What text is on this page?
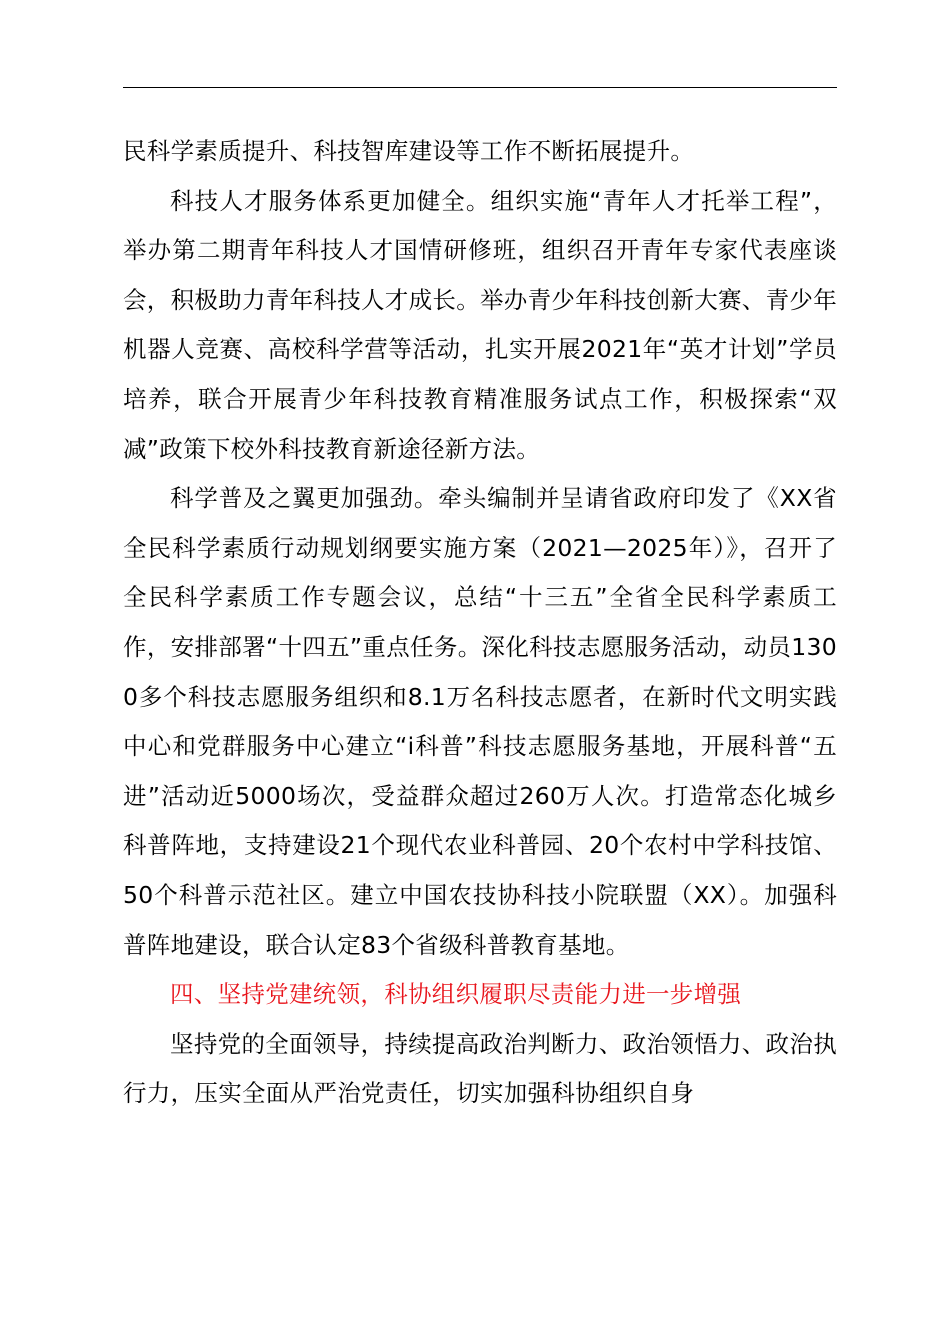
民科学素质提升、科技智库建设等工作不断拓展提升。

科技人才服务体系更加健全。组织实施“青年人才托举工程”，举办第二期青年科技人才国情研修班，组织召开青年专家代表座谈会，积极助力青年科技人才成长。举办青少年科技创新大赛、青少年机器人竞赛、高校科学营等活动，扎实开展2021年“英才计划”学员培养，联合开展青少年科技教育精准服务试点工作，积极探索“双减”政策下校外科技教育新途径新方法。

科学普及之翼更加强劲。牵头编制并呈请省政府印发了《XX省全民科学素质行动规划纲要实施方案（2021—2025年）》，召开了全民科学素质工作专题会议，总结“十三五”全省全民科学素质工作，安排部署“十四五”重点任务。深化科技志愿服务活动，动员1300多个科技志愿服务组织和8.1万名科技志愿者，在新时代文明实践中心和党群服务中心建立“i科普”科技志愿服务基地，开展科普“五进”活动近5000场次，受益群众超过260万人次。打造常态化城乡科普阵地，支持建设21个现代农业科普园、20个农村中学科技馆、50个科普示范社区。建立中国农技协科技小院联盟（XX）。加强科普阵地建设，联合认定83个省级科普教育基地。

四、坚持党建统领，科协组织履职尽责能力进一步增强

坚持党的全面领导，持续提高政治判断力、政治领悟力、政治执行力，压实全面从严治党责任，切实加强科协组织自身
